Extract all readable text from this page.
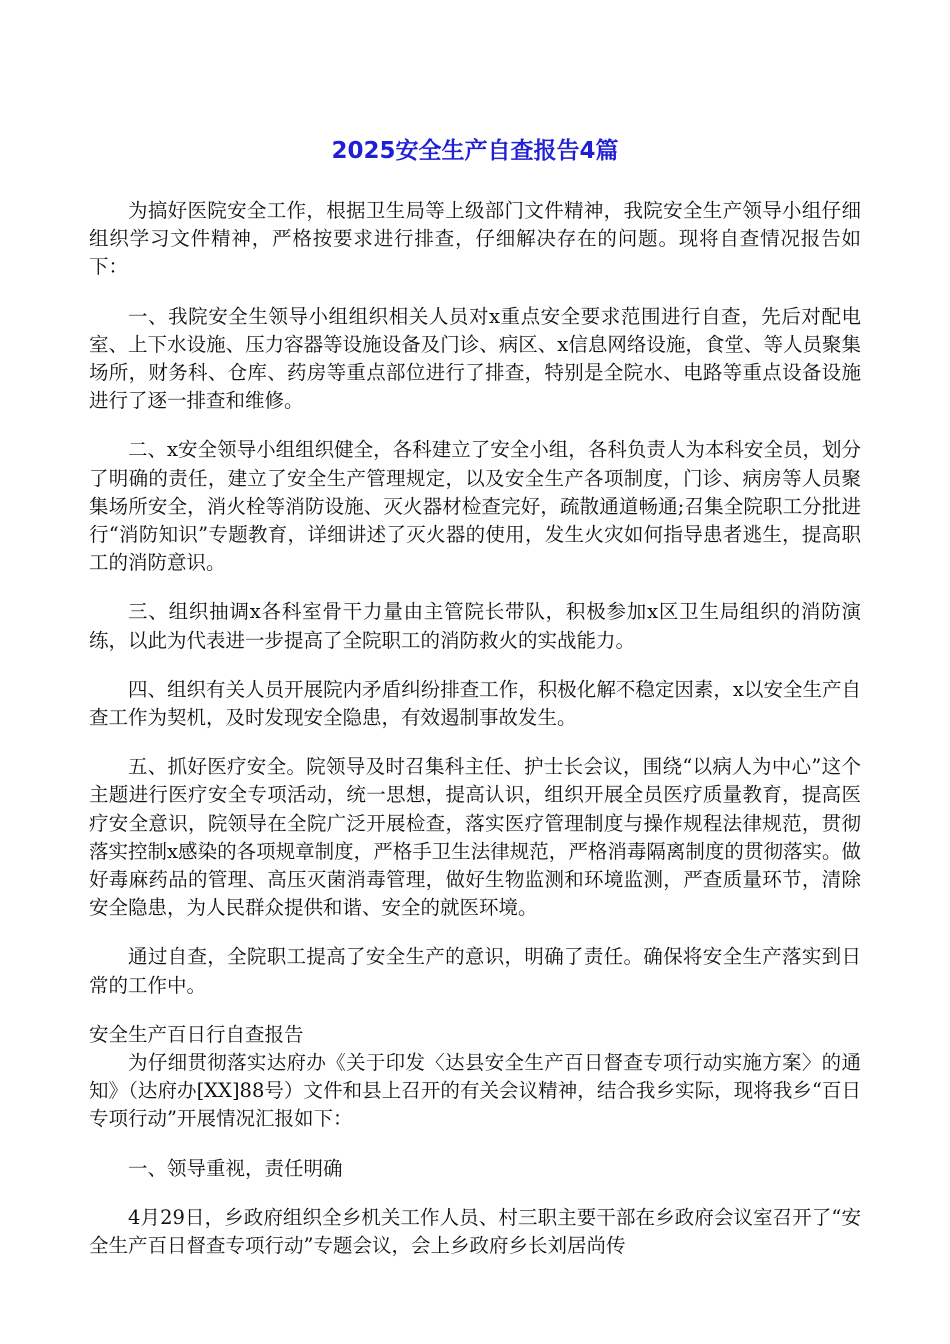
2025安全生产自查报告4篇

为搞好医院安全工作，根据卫生局等上级部门文件精神，我院安全生产领导小组仔细组织学习文件精神，严格按要求进行排查，仔细解决存在的问题。现将自查情况报告如下：

一、我院安全生领导小组组织相关人员对x重点安全要求范围进行自查，先后对配电室、上下水设施、压力容器等设施设备及门诊、病区、x信息网络设施，食堂、等人员聚集场所，财务科、仓库、药房等重点部位进行了排查，特别是全院水、电路等重点设备设施进行了逐一排查和维修。

二、x安全领导小组组织健全，各科建立了安全小组，各科负责人为本科安全员，划分了明确的责任，建立了安全生产管理规定，以及安全生产各项制度，门诊、病房等人员聚集场所安全，消火栓等消防设施、灭火器材检查完好，疏散通道畅通;召集全院职工分批进行“消防知识”专题教育，详细讲述了灭火器的使用，发生火灾如何指导患者逃生，提高职工的消防意识。

三、组织抽调x各科室骨干力量由主管院长带队，积极参加x区卫生局组织的消防演练，以此为代表进一步提高了全院职工的消防救火的实战能力。

四、组织有关人员开展院内矛盾纠纷排查工作，积极化解不稳定因素，x以安全生产自查工作为契机，及时发现安全隐患，有效遏制事故发生。

五、抓好医疗安全。院领导及时召集科主任、护士长会议，围绕“以病人为中心”这个主题进行医疗安全专项活动，统一思想，提高认识，组织开展全员医疗质量教育，提高医疗安全意识，院领导在全院广泛开展检查，落实医疗管理制度与操作规程法律规范，贯彻落实控制x感染的各项规章制度，严格手卫生法律规范，严格消毒隔离制度的贯彻落实。做好毒麻药品的管理、高压灭菌消毒管理，做好生物监测和环境监测，严查质量环节，清除安全隐患，为人民群众提供和谐、安全的就医环境。

通过自查，全院职工提高了安全生产的意识，明确了责任。确保将安全生产落实到日常的工作中。

安全生产百日行自查报告

为仔细贯彻落实达府办《关于印发〈达县安全生产百日督查专项行动实施方案〉的通知》（达府办[XX]88号）文件和县上召开的有关会议精神，结合我乡实际，现将我乡“百日专项行动”开展情况汇报如下：

一、领导重视，责任明确

4月29日，乡政府组织全乡机关工作人员、村三职主要干部在乡政府会议室召开了“安全生产百日督查专项行动”专题会议，会上乡政府乡长刘居尚传
